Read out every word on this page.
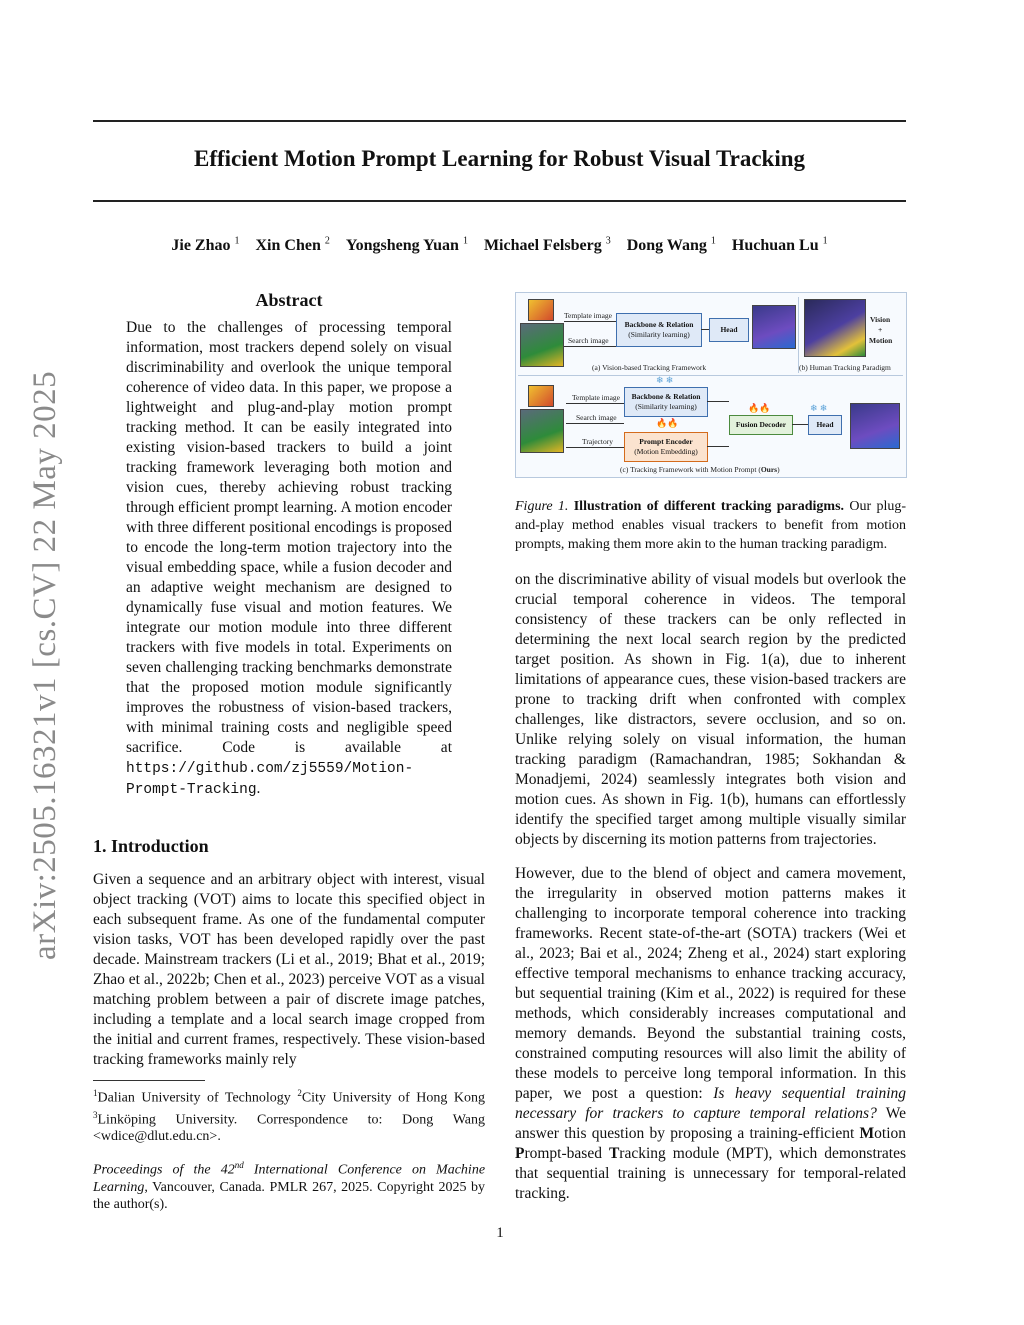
Efficient Motion Prompt Learning for Robust Visual Tracking
Jie Zhao $^1$ Xin Chen $^2$ Yongsheng Yuan $^1$ Michael Felsberg $^3$ Dong Wang $^1$ Huchuan Lu $^1$
arXiv:2505.16321v1 [cs.CV] 22 May 2025
Abstract
Due to the challenges of processing temporal information, most trackers depend solely on visual discriminability and overlook the unique temporal coherence of video data. In this paper, we propose a lightweight and plug-and-play motion prompt tracking method. It can be easily integrated into existing vision-based trackers to build a joint tracking framework leveraging both motion and vision cues, thereby achieving robust tracking through efficient prompt learning. A motion encoder with three different positional encodings is proposed to encode the long-term motion trajectory into the visual embedding space, while a fusion decoder and an adaptive weight mechanism are designed to dynamically fuse visual and motion features. We integrate our motion module into three different trackers with five models in total. Experiments on seven challenging tracking benchmarks demonstrate that the proposed motion module significantly improves the robustness of vision-based trackers, with minimal training costs and negligible speed sacrifice. Code is available at https://github.com/zj5559/Motion-Prompt-Tracking.
1. Introduction

Given a sequence and an arbitrary object with interest, visual object tracking (VOT) aims to locate this specified object in each subsequent frame. As one of the fundamental computer vision tasks, VOT has been developed rapidly over the past decade. Mainstream trackers (Li et al., 2019; Bhat et al., 2019; Zhao et al., 2022b; Chen et al., 2023) perceive VOT as a visual matching problem between a pair of discrete image patches, including a template and a local search image cropped from the initial and current frames, respectively. These vision-based tracking frameworks mainly rely

$^1$Dalian University of Technology $^2$City University of Hong Kong $^3$Linköping University. Correspondence to: Dong Wang <wdice@dlut.edu.cn>.

Proceedings of the 42nd International Conference on Machine Learning, Vancouver, Canada. PMLR 267, 2025. Copyright 2025 by the author(s).

Template image
Search image
Backbone & Relation
(Similarity learning)
Head
(a) Vision-based Tracking Framework
Vision
+
Motion
(b) Human Tracking Paradigm
❄ ❄
Template image
Search image
Trajectory
Backbone & Relation
(Similarity learning)
🔥🔥
Prompt Encoder
(Motion Embedding)
🔥🔥
Fusion Decoder
❄ ❄
Head
(c) Tracking Framework with Motion Prompt (Ours)
Figure 1. Illustration of different tracking paradigms. Our plug-and-play method enables visual trackers to benefit from motion prompts, making them more akin to the human tracking paradigm.

on the discriminative ability of visual models but overlook the crucial temporal coherence in videos. The temporal consistency of these trackers can be only reflected in determining the next local search region by the predicted target position. As shown in Fig. 1(a), due to inherent limitations of appearance cues, these vision-based trackers are prone to tracking drift when confronted with complex challenges, like distractors, severe occlusion, and so on. Unlike relying solely on visual information, the human tracking paradigm (Ramachandran, 1985; Sokhandan & Monadjemi, 2024) seamlessly integrates both vision and motion cues. As shown in Fig. 1(b), humans can effortlessly identify the specified target among multiple visually similar objects by discerning its motion patterns from trajectories.

However, due to the blend of object and camera movement, the irregularity in observed motion patterns makes it challenging to incorporate temporal coherence into tracking frameworks. Recent state-of-the-art (SOTA) trackers (Wei et al., 2023; Bai et al., 2024; Zheng et al., 2024) start exploring effective temporal mechanisms to enhance tracking accuracy, but sequential training (Kim et al., 2022) is required for these methods, which considerably increases computational and memory demands. Beyond the substantial training costs, constrained computing resources will also limit the ability of these models to perceive long temporal information. In this paper, we post a question: Is heavy sequential training necessary for trackers to capture temporal relations? We answer this question by proposing a training-efficient Motion Prompt-based Tracking module (MPT), which demonstrates that sequential training is unnecessary for temporal-related tracking.

1
